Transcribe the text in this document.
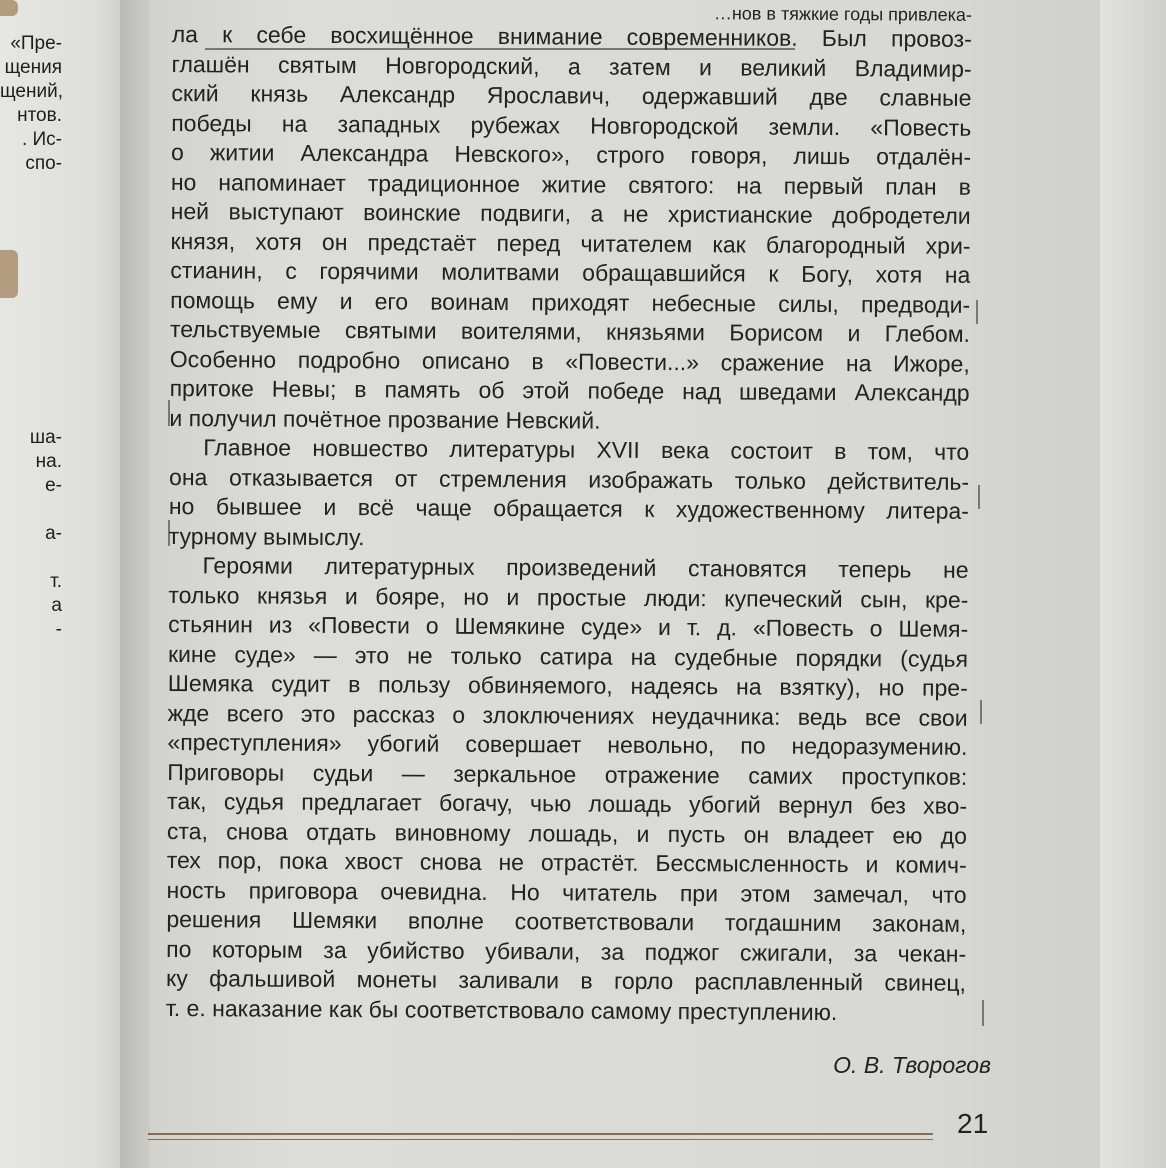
«Пре-
щения
щений,
нтов.
. Ис-
спо-
ша-
на.
е-

а-

т.
а
-
…нов в тяжкие годы привлека-
ла к себе восхищённое внимание современников. Был провоз-
глашён святым Новгородский, а затем и великий Владимир-
ский князь Александр Ярославич, одержавший две славные
победы на западных рубежах Новгородской земли. «Повесть
о житии Александра Невского», строго говоря, лишь отдалён-
но напоминает традиционное житие святого: на первый план в
ней выступают воинские подвиги, а не христианские добродетели
князя, хотя он предстаёт перед читателем как благородный хри-
стианин, с горячими молитвами обращавшийся к Богу, хотя на
помощь ему и его воинам приходят небесные силы, предводи-
тельствуемые святыми воителями, князьями Борисом и Глебом.
Особенно подробно описано в «Повести...» сражение на Ижоре,
притоке Невы; в память об этой победе над шведами Александр
и получил почётное прозвание Невский.
Главное новшество литературы XVII века состоит в том, что
она отказывается от стремления изображать только действитель-
но бывшее и всё чаще обращается к художественному литера-
турному вымыслу.
Героями литературных произведений становятся теперь не
только князья и бояре, но и простые люди: купеческий сын, кре-
стьянин из «Повести о Шемякине суде» и т. д. «Повесть о Шемя-
кине суде» — это не только сатира на судебные порядки (судья
Шемяка судит в пользу обвиняемого, надеясь на взятку), но пре-
жде всего это рассказ о злоключениях неудачника: ведь все свои
«преступления» убогий совершает невольно, по недоразумению.
Приговоры судьи — зеркальное отражение самих проступков:
так, судья предлагает богачу, чью лошадь убогий вернул без хво-
ста, снова отдать виновному лошадь, и пусть он владеет ею до
тех пор, пока хвост снова не отрастёт. Бессмысленность и комич-
ность приговора очевидна. Но читатель при этом замечал, что
решения Шемяки вполне соответствовали тогдашним законам,
по которым за убийство убивали, за поджог сжигали, за чекан-
ку фальшивой монеты заливали в горло расплавленный свинец,
т. е. наказание как бы соответствовало самому преступлению.
О. В. Творогов
21
